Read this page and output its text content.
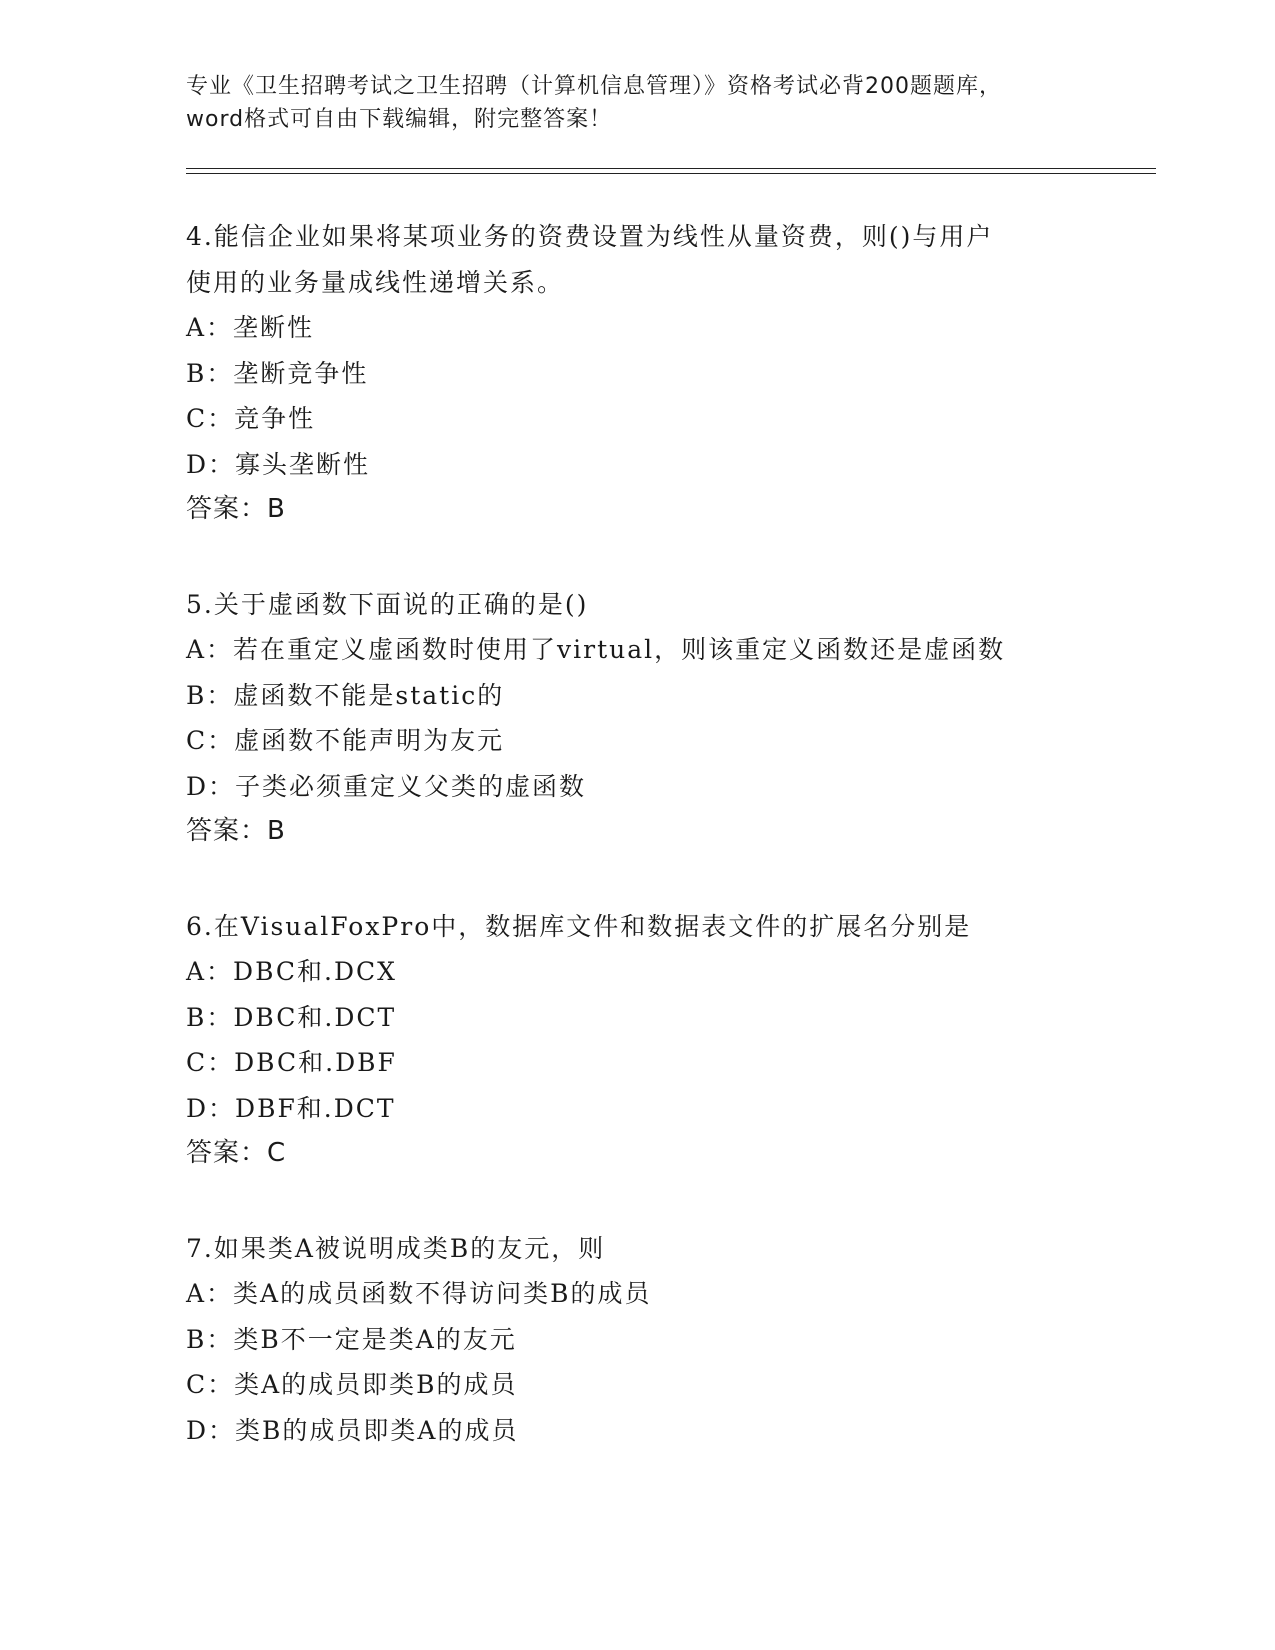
专业《卫生招聘考试之卫生招聘（计算机信息管理）》资格考试必背200题题库，
word格式可自由下载编辑，附完整答案！
4.能信企业如果将某项业务的资费设置为线性从量资费，则()与用户
使用的业务量成线性递增关系。
A：垄断性
B：垄断竞争性
C：竞争性
D：寡头垄断性
答案：B
5.关于虚函数下面说的正确的是()
A：若在重定义虚函数时使用了virtual，则该重定义函数还是虚函数
B：虚函数不能是static的
C：虚函数不能声明为友元
D：子类必须重定义父类的虚函数
答案：B
6.在VisualFoxPro中，数据库文件和数据表文件的扩展名分别是
A：DBC和.DCX
B：DBC和.DCT
C：DBC和.DBF
D：DBF和.DCT
答案：C
7.如果类A被说明成类B的友元，则
A：类A的成员函数不得访问类B的成员
B：类B不一定是类A的友元
C：类A的成员即类B的成员
D：类B的成员即类A的成员
